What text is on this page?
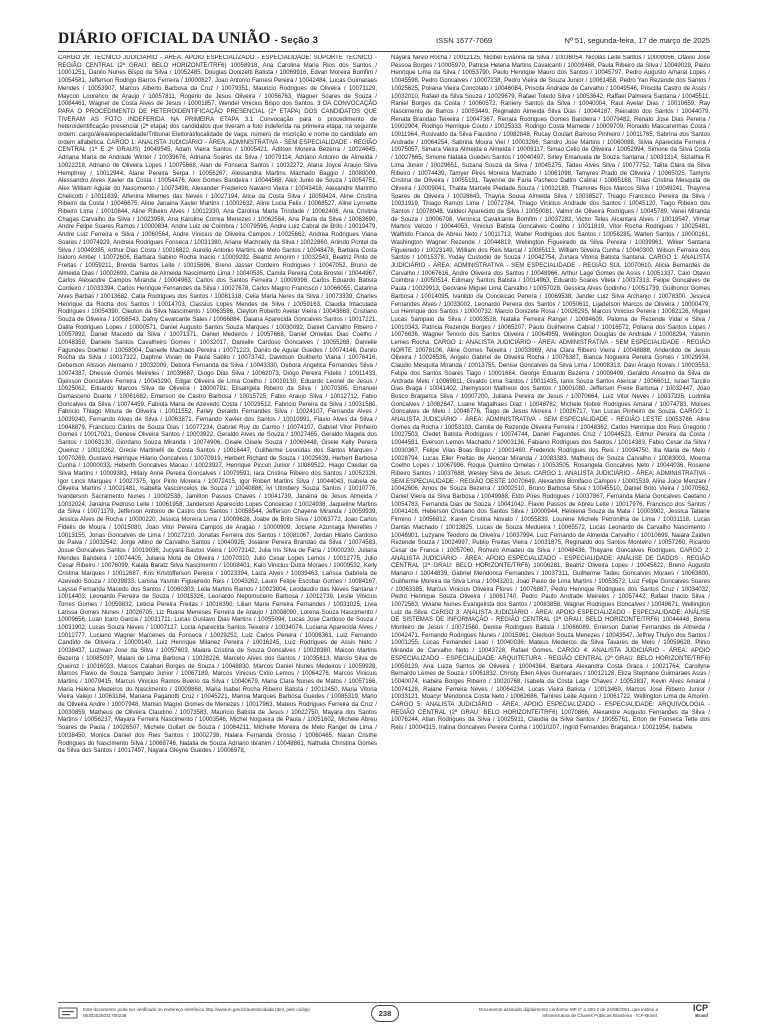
DIÁRIO OFICIAL DA UNIÃO - Seção 3	ISSN 1677-7069	Nº 51, segunda-feira, 17 de março de 2025

CARGO 28: TÉCNICO JUDICIÁRIO - ÁREA: APOIO ESPECIALIZADO - ESPECIALIDADE: SUPORTE TÉCNICO - REGIÃO CENTRAL (2ª GRAU: BELO HORIZONTE/TRF6) 10058918, Ana Carolina Maria Rios dos Santos / 10001251, Danilo Nunes Bispo da Silva / 10052485, Douglas Donizetti Batista / 10069916, Edvan Moreira Bomfim / 10054581, Jefferson Rodrigo Barros Ferreira / 10000827, Joao Antonio Farnesi Pereira / 10042484, Lucas Guimaraes Mendes / 10053907, Marcos Alberto Barbosa da Cruz / 10079351, Mauricio Rodrigues de Oliveira / 10071129, Maycon Lourenco de Araujo / 10057811, Rogerio de Jesus Oliveira / 10056763, Wagner Soares de Souza / 10084461, Wagner de Costa Alves de Jesus / 10001857, Wendel Vinicius Bispo dos Santos. 3 DA CONVOCAÇÃO PARA O PROCEDIMENTO DE HETEROIDENTIFICAÇÃO PRESENCIAL (2ª ETAPA) DOS CANDIDATOS QUE TIVERAM AS FOTO INDEFERIDA NA PRIMEIRA ETAPA 3.1 Convocação para o procedimento de heteroidentificação presencial (2ª etapa) dos candidatos que tiveram a foto indeferida na primeira etapa, na seguinte ordem: cargo/área/especialidade/Tribunal Eleitoral/localidade de vaga, número de inscrição e nome do candidato em ordem alfabética. CARGO 1: ANALISTA JUDICIÁRIO - ÁREA: ADMINISTRATIVA - SEM ESPECIALIDADE - REGIÃO CENTRAL (1ª E 2ª GRAUS) 10049545, Adam Vieira Santos / 10005421, Adilson Moreira Bezerra / 10024645, Adriana Maria de Andrade Winter / 10039676, Adriana Soares da Silva / 10079114, Adriano Antonio de Almeida / 10022219, Adriano de Oliveira Lopes / 10075668, Alan de Fonseca Santos / 10032272, Alana Joyce Araujo Silva Hemphrey / 10012944, Alane Pereira Serpa / 10056267, Alessandra Martins Machado Baggio / 10080009, Alessandro Alves Xavier da Costa / 10054476, Alex Gomes Bandeira / 10044568, Alex Junio de Souza / 10054751, Alex William Aguiar do Nascimento / 10073498, Alexander Frederico Navarro Vieira / 10043418, Alexandre Marinho Chelicotti / 10011639, Alfenina Milemes das Neves / 10027194, Alice da Costa Silva / 10059424, Aline Cristina Ribeiro da Costa / 10046675, Aline Janaina Xavier Martins / 10002632, Aline Lucia Felix / 10068527, Aline Lynnette Ribeiro Lima / 10010844, Aline Ribeiro Alves / 10012330, Ana Carolina Marta Trindade / 10062406, Ana Cristina Chagas Carvalho da Silva / 10023958, Ana Karoline Correa Menezes / 10062564, Ana Paula da Silva / 10063690, Andre Felipe Soares Ramos / 10000834, Andre Luiz de Coimbra / 10079596, Andre Luiz Cabral de Brito / 10019479, Andre Luiz Ferreira e Silva / 10060564, Andre Vinicius de Oliveira Campos / 10025662, Andrea Rodrigues Viana Soares / 10074929, Andreia Rodrigues Fonseca / 10031380, Ariane Machnelly da Silva / 10022860, Arlindo Pontel da Silva / 10049395, Arthur Dias Costa / 10016822, Aurelio Antonio Martins de Melo Santos / 10048478, Barbara Costa Isidoro Amber / 10072606, Barbara Sabino Rocha Inacio / 10009292, Beatriz Amorim / 10032543, Beatriz Pinto de Freitas / 10059211, Brenda Santos Leite / 10015696, Breno Jasser Cordeiro Rodrigues / 10047052, Bruno de Almeida Dias / 10002699, Camila de Almeida Nascimento Lima / 10040535, Camila Pereira Cota Brostel / 10044967, Carlos Alexandre Campos Miranda / 10004963, Carlos dos Santos Ferreira / 10009398, Carlos Eduardo Batista Cordeiro / 10033394, Carlos Henrique Fernandes da Silva / 10027678, Carlos Magno Francisco / 10066055, Catarina Alves Barbas / 10013682, Catia Rodrigues dos Santos / 10081318, Celia Maria Neres da Silva / 10073339, Charles Henrique da Rocha dos Santos / 10014703, Classius Lopes Mendes de Silva / 10059163, Claudia Imaculada Rodrigues / 10054390, Cleuton da Silva Nascimento / 10063586, Cleyton Roberto Avelar Vieira / 10043668, Cristiano Souza de Oliveira / 10058543, Dafny Cavalcante Sales / 10066884, Daiana Aparecida Goncalves Santos / 10017221, Dalila Rodrigues Lopes / 10000571, Daniel Augusto Santos Souza Marques / 10030092, Daniel Carvalho Ribeiro / 10057892, Daniel Macedo da Silva / 10071371, Daniel Medeiros / 10057668, Daniel Ornellas Dias Coelho / 10048359, Daniele Santos Cavalheiro Gomes / 10032017, Danielle Cardoso Goncalves / 10055268, Danielle Fagundes Doehler / 10058004, Danielle Machado Pereira / 10071223, Danilo de Aguiar Guedes / 10074146, Danilo Rocha da Silva / 10017322, Daphne Vivian de Paula Sabilo / 10073742, Davidson Guilberto Viana / 10076416, Deberson Alisson Alemanio / 10032009, Debora Fernanda da Silva / 10043330, Debora Angelica Fernandes Silva / 10074387, Dhessie Gomes Meireles / 10039687, Diogo Dias Silva / 10062073, Diogo Pereira Fidelis / 10011433, Djeisson Goncalves Ferreira / 10043290, Edgar Oliveira de Lima Coelho / 10019130, Eduardo Leonel de Jesus / 10025062, Eduardo Marcos Silva de Oliveira / 10000791, Elisangela Ribeiro da Silva / 10070305, Emanuel Damasceno Duarte / 10061682, Emerson de Castro Barbosa / 10015725, Fabio Araujo Silva / 10012712, Fabio Goncalves da Silva / 10074459, Fabiola Maria de Azevedo Costa / 10029512, Fabricio Pereira da Silva / 10031580, Fabricio Thiago Moura de Oliveira / 10011552, Farley Geraldo Fernandes Silva / 10024107, Fernanda Alves / 10039240, Fernando Alves de Silva / 10063871, Fernando Xavier dos Santos / 10010991, Flavio Alves da Silva / 10048879, Francisco Carlos de Souza Dias / 10077234, Gabriel Ruy do Carmo / 10074107, Gabriel Vitor Pinheiro Gomes / 10017021, Genese Oliveira Santos / 10003922, Geraldo Alves de Souza / 10027465, Geraldo Magela dos Santos / 10063130, Giordano Souza Miranda / 10074906, Gisele Gisele Souza / 10069448, Gisele Kelly Pereira Queiroz / 10010262, Grecie Martinelli de Costa Santos / 10016447, Guilherme Leonidas dos Santos Marques / 10070269, Gustavo Henrique Hilario Goncalves / 10070919, Herbert Richard de Souza / 10025639, Herbert Barbosa Cunha / 10000033, Heberth Goncalves Macau / 10023927, Henrique Piccoli Junior / 10069522, Hiago Cleidair da Silva Martins / 10009383, Hillary Anne Pereira Goncalves / 10079591, Iara Cristina Ribeiro dos Santos / 10052328, Igor Linck Marques / 10027375, Igor Pinto Moreira / 10072415, Igor Robert Martins Silva / 10044043, Isabela de Oliveira Martins / 10021481, Isabella Vasconcelos de Souza / 10040886, Ivi Utimbery Souza Santos / 10010776, Ivanderson Sacramento Nunes / 10002538, Jamilton Passos Chaves / 10041739, Janaina de Jesus Almeida / 10032024, Janaina Pedroso Leite / 10061958, Janderson Aparecido Lopes Conceicao / 10024938, Jaqueline Martins da Silva / 10071179, Jefferson Antonio de Castro dos Santos / 10058544, Jefferson Chayene Miranda / 10059939, Jessica Alves de Rocha / 10000220, Jessica Moreira Lima / 10009628, Joabe de Brito Silva / 10063772, Joao Carlos Fidelis de Moura / 10015080, Joao Vitor Pereira Campos de Aragao / 10000909, Jociane Azurriaga Meirelles / 10013155, Jonas Goncalves de Lima / 10027210, Jonatas Ferreira dos Santos / 10081067, Jordan Hilario Cardoso de Paiva / 10032542, Jorge Altino de Carvalho Santos / 10040925, Josiane Pereira Brandao da Silva / 10074583, Josue Goncalves Santos / 10019036, Jucyara Bastos Vieira / 10073142, Julia Iris Silva de Faria / 10000230, Juliana Mendes Bandeira / 10074405, Juliana Mota de Oliveira / 10070310, Julio Cesar Lopes Lemos / 10012775, Julio Cesar Ribeiro / 10076099, Kaiala Baratz Silva Nascimento / 10008401, Kaio Vinicius Dutra Moraes / 10009532, Kelly Cristina Marques / 10012687, Kris Kristofferson Pereira / 10023394, Laiza Alves / 10039463, Larissa Gabriela de Azevedo Souza / 10039833, Larissa Yasmin Figueiredo Reis / 10043262, Lauro Felipe Escobar Gomes / 10084167, Laysse Fernanda Macedo dos Santos / 10060303, Leila Martins Ramos / 10023004, Leodaudio das Neves Santana / 10014403, Leonardo Ferreira de Souza / 10015326, Leonardo Nepomuceno Barbosa / 10012739, Leslie Vinicius Torres Gomes / 10059832, Leticia Pereira Freitas / 10016390, Lilian Maria Ferreira Fernandes / 10031025, Livia Larissa Gomes Nunes / 10026705, Liz Ruana Meneses Ferreira de Araujo / 10008090, Lorena Souza Nascimento / 10009656, Luan Icaro Garcia / 10031711, Lucas Gustavo Dias Martins / 10055094, Lucas Jose Cardoso de Souza / 10031902, Lucas Souza Neves / 10007127, Lucia Aparecida Santos Teixeira / 10034074, Luciana Aparecida Alves / 10012777, Luciano Wagner Marcenes da Fonseca / 10029252, Luiz Carlos Pereira / 10006361, Luiz Fernando Candido de Oliveira / 10009140, Luiz Henrique Milanez Pereira / 10016245, Luiz Rodrigues de Assis Neto / 10038437, Luziwan Jose da Silva / 10057603, Maiara Cristina de Souza Goncalves / 10028380, Maicon Martins Bezerra / 10085097, Malani de Lima Barbosa / 10028226, Marcelo Alves dos Santos / 10035613, Marcio Silva de Queiroz / 10016033, Marcos Calabari Borges de Souza / 10048830, Marcos Daniel Nunes Medeiros / 10059928, Marcos Flavio de Souza Sampaio Junior / 10067189, Marcos Vinicius Cirilo Lemos / 10064276, Marcos Vinicius Martins / 10079415, Marcus Vinicius Ramos Bueno da Silva / 10040679, Maria Clara Nunes de Matos / 10057166, Maria Helena Medeiros do Nascimento / 10009868, Maria Isabel Rocha Ribeiro Batista / 10012450, Maria Vitoria Vieira Valejo / 10063184, Mariana Paganotti Cruz / 10045221, Marina Marques Barbosa Guedes / 10085319, Mario de Oliveira Andre / 10007948, Marisio Magno Gomes de Menezes / 10017963, Mateus Rodrigues Ferreira da Cruz / 10030859, Matheus de Oliveira Claudino / 10073583, Mauricio Batista de Jesus / 10022750, Mayara dos Santos Martins / 10056237, Mayara Ferreira Nascimento / 10003546, Michel Nogueira de Paula / 10051602, Michele Abreu Soares de Paula / 10026507, Michele Gullart de Souza / 10064211, Michelle Moreira de Melo Rangel de Lima / 10038450, Monica Daniel dos Reis Santos / 10002738, Naiara Fernanda Grosso / 10060465, Naran Cristhe Rodrigues do Nascimento Silva / 10068746, Natalia de Souza Adriano Ibrahim / 10048861, Nathalia Christina Gomes da Silva dos Santos / 10017497, Nayara Gleyne Guedes / 10006978,

Nayara Nesio Rocha / 10012125, Nicibel Evianna da Silva / 10036054, Nicolas Leite Santos / 10000056, Otavio Jose Pessoa Borges / 10005970, Patricia Helena Martins Cavalcanti / 10009468, Paula Ribeiro da Silva / 10049029, Paulo Henrique Lima da Silva / 10053790, Paulo Henrique Mauro dos Santos / 10045797, Pedro Augusto Amaral Lopes / 10045598, Pedro Goncalves / 10007238, Pedro Vieira de Souza Junior / 10061458, Pedro Yan Rezende dos Santos / 10025625, Poliana Vieira Concolato / 10046084, Priscila Andrade de Carvalho / 10049546, Priscilla Castro de Assis / 10032010, Rafael da Silva Souza / 10029679, Rafael Toledo Silva / 10053642, Raffael Palmeira Santana / 10045511, Raniel Borges da Costa / 10060572, Raniery Santos da Silva / 10040004, Raul Avelar Dias / 10010659, Ray Nascimento de Barros / 10053449, Reginaldo Almeida Silva Dias / 10044187, Reinaldo dos Santos / 10044079, Renata Brandao Teixeira / 10047367, Renata Rodrigues Gomes Bandeira / 10079482, Renato Jose Dias Pereira / 10002904, Rodrigo Henrique Couto / 10025333, Rodrigo Costa Mamede / 10009709, Ronaldo Mascarenhas Costa / 10011964, Rosivaldo da Silva Faustino / 10082848, Rucay Goulart Barroso Pinheiro / 10011765, Sabrina dos Santos Andrade / 10064254, Sabrina Moura Viel / 10003266, Sandro Jose Martins / 10060088, Silvia Aparecida Ferreira / 10075057, Simara Vieira Almeida e Almeida / 10009117, Simao Celio de Oliveira / 10052994, Simone da Silva Costa / 10027665, Simone Natalia Guedes Santos / 10040497, Sirley Emanuela de Souza Santana / 10031314, Siziathia R Lima Junior / 10029651, Suzana Souza da Silva / 10045275, Tadeu Alves Silva / 10077752, Talita Clara da Silva Ribeiro / 10074439, Tamyer Pires Moreira Machado / 10061098, Tamyres Prado de Oliveira / 10065025, Tamyris Cristina de Oliveira / 10055191, Tayenne de Faria Pacheco Daltro Cabral / 10065168, Thais Cristina Mesquita de Oliveira / 10009041, Thalita Marcele Piedade Souza / 10032189, Thamires Rios Marcos Silva / 10049241, Thaynna Soares de Oliveira / 10028843, Thayna Sousa Almeida Silva / 10038527, Thiago Francisco Pereira da Silva / 10031919, Thiago Ramos Lima / 10072784, Thiago Vinicius Andrade dos Santos / 10045120, Tiago Ribeiro dos Santos / 10078048, Valdeci Aparecido da Silva / 10050081, Valmir de Oliveira Rodrigues / 10045789, Vanei Miranda de Souza / 10006708, Veronica Cavalcante Bomfim / 10037282, Victor Teles Alcantara Alves / 10019547, Vilmar Martins Velozo / 10044053, Vinicius Batista Goncalves Coelho / 10011819, Vitor Rocha Rodrigues / 10025481, Walfrido Franca de Abreu Neto / 10011713, Walter Rodrigues dos Santos / 10058285, Warlen Santos / 10000161, Washington Wagner Rezende / 10044819, Wellington Figueiredo da Silva Pereira / 10039961, Wilker Santana Figueiredo / 10023149, William dos Reis Marcal / 10085113, William Silveira Cunha / 10040300, Wilson Ferreira dos Santos / 10015378, Yoday Custodio de Souza / 10042754, Zunara Vitoria Batista Santana. CARGO 1: ANALISTA JUDICIÁRIO - ÁREA: ADMINISTRATIVA - SEM ESPECIALIDADE - REGIÃO SUL 10070610, Alicia Bernardes de Carvalho / 10067616, Andre Oliveira dos Santos / 10048966, Arthur Lage Gomes de Assis / 10051337, Caio Otavio Coimbra / 10050514, Edimary Santos Batista / 10014963, Eduardo Soares Vilela / 10037313, Felipe Goncalves de Paula / 10029913, Geovane Miguel Lima Carvalho / 10057028, Gessica Alves Godinho / 10051739, Guilhonor Gomes Barbosa / 10014095, Ivanildo da Conceicao Pereira / 10069538, Jander Luiz Silva Archanjo / 10078300, Jessica Fernandes Alves / 10033002, Leonardo Pereira dos Santos / 10050611, Lijadetson Marcos de Oliveira / 10000479, Lui Henrique dos Santos / 10000732, Marcio Donizete Rosa / 10026295, Marcos Vinicius Pereira / 10082126, Miguel Lucas Sampaio da Silva / 10003528, Natalia Ferreira Rangel / 10084609, Paloma de Rezende Vidal e Silva / 10010343, Patricia Rezende Borges / 10065207, Paulo Guilherme Cabral / 10016572, Poliana dos Santos Lopes / 10076636, Wagner Tenorio dos Santos Oliveira / 10064959, Wellington Douglas de Andrade / 10008294, Yasmin Lemes Rocha. CARGO 1: ANALISTA JUDICIÁRIO - ÁREA: ADMINISTRATIVA - SEM ESPECIALIDADE - REGIÃO NORTE 10078106, Aline Gomes Teixeira / 10033969, Ana Clara Ribeiro Vieira / 10048888, Andenildo de Jesus Oliveira / 10026536, Angelo Gabriel de Oliveira Rocha / 10076387, Bianca Nogueira Pereira Gomes / 10029934, Claudio Mesquita Miranda / 10013755, Denise Goncalves da Silva Lima / 10008313, Davi Araujo Novais / 10003553, Felipe dos Santos Soares Tiago / 10001664, George Eduardo Bezerra / 10009409, Geraldo Anselmo da Silva de Andrade Melo / 10069811, Givaldo Lima Santos / 10011435, Ianis Souza Santos Alencar / 10066011, Israel Tarcilio Dias Braga / 10041402, Jhemysson Matheus dos Santos / 10001080, Jefferson Freire Barbosa / 10032447, Joao Bosco Braganca Silva / 10007200, Juliana Pereira de Jesus / 10070664, Luiz Vitor Neves / 10037335, Ludmila Goncalves / 10082647, Luane Magalhaes Diaz / 10048762, Michele Nobre Rodrigues Amaral / 10074783, Moises Goncalves de Melo / 10048776, Tiago de Jesus Moreira / 10026717, Yan Lucas Pinheiro de Souza. CARGO 1: ANALISTA JUDICIÁRIO - ÁREA: ADMINISTRATIVA - SEM ESPECIALIDADE - REGIÃO LESTE 10053786, Aline Gomes da Rocha / 10053103, Camila de Rezende Oliveira Ferreira / 10048362, Carlos Henrique dos Reis Gregorio / 10027503, Cledet Batista Rodrigues / 10074744, Daniel Fagundes Cruz / 10044523, Edmur Pereira da Costa / 10044581, Everson Lemos Machado / 10003136, Fabiano Rodrigues dos Santos / 10014383, Fabio Cesar da Silva / 10030367, Felipe Vilas Boas Bispo / 10001460, Frederick Rodrigues dos Reis / 10034750, Ilia Maria de Melo / 10028794, Lucas Eller Freitas de Alencar Miranda / 10083383, Matheus de Souza Carvalho / 10083003, Moema Coelho Lopes / 10067996, Roque Quintino Ornelas / 10053505, Rosangela Goncalves Neto / 10044036, Rosiene Ribeiro Santos / 10037688, Wesley Silva de Jesus. CARGO 1: ANALISTA JUDICIÁRIO - ÁREA: ADMINISTRATIVA - SEM ESPECIALIDADE - REGIÃO OESTE 10070649, Alexandre Bonifacio Campos / 10001539, Aline Joice Menzani / 10042606, Amos de Souza Bezerra / 10002510, Bruno Barbosa Silva / 10045510, Daniel Brito Vieira / 10070562, Daniel Vieira da Silva Barbosa / 10049988, Eldo Pires Rodrigues / 10037867, Fernanda Maria Goncalves Caetano / 10054783, Fernanda Dias de Souza / 10041042, Flavio Passos de Abreu Leite / 10017976, Francisco dos Santos / 10041416, Heberson Cristiano dos Santos Silva / 10000944, Heloiena Souza da Mata / 10003902, Jessica Tatiane Firmino / 10056812, Karen Cristina Novato / 10055839, Lourene Michele Petronilha de Lima / 10031118, Lucas Dantas Machado / 10013825, Lucas de Souza Medueira / 10065572, Lucas Leonardo de Carvalho Nascimento / 10046901, Luzyane Teodoro de Oliveira / 10037994, Luiz Fernando de Almeida Carvalho / 10010699, Naiara Zaiden Rezende Souza / 10024997, Publio Freitas Vieira / 10031875, Reginaldo dos Santos Monteiro / 10057260, Ricardo Cesar de Franca / 10057060, Romulo Amadeu da Silva / 10048436, Thayane Goncalves Rodrigues. CARGO 2: ANALISTA JUDICIÁRIO - ÁREA: APOIO ESPECIALIZADO - ESPECIALIDADE: ANÁLISE DE DADOS - REGIÃO CENTRAL (2ª GRAU: BELO HORIZONTE/TRF6) 10006281, Beatriz Oliveira Lopes / 10045622, Breno Augusto Mariano / 10044839, Gabriel Mendonca Fernandes / 10037311, Guilherme Tadeu Goncalves Moraes / 10063800, Guilherme Moreira da Silva Lima / 10043201, Joao Paulo de Lima Martins / 10053572, Luiz Felipe Goncalves Soares / 10063385, Marcus Vinicius Oliveira Flores / 10076887, Pedro Henrique Rodrigues dos Santos Cruz / 10034032, Pedro Henrique Souza Oliveira / 10061740, Pedro Paulo Andrade Meireles / 10057442, Rafael Inacio Silva / 10072563, Viviane Nunes Evangelista dos Santos / 10083858, Wagner Rodrigues Goncalves / 10049671, Wellington Luiz da Silva. CARGO 3: ANALISTA JUDICIÁRIO - ÁREA: APOIO ESPECIALIZADO - ESPECIALIDADE: ANÁLISE DE SISTEMAS DE INFORMAÇÃO - REGIÃO CENTRAL (2ª GRAU: BELO HORIZONTE/TRF6) 10044448, Brena Monteiro de Jesus / 10071560, Denise Rodrigues Batista / 10066089, Emerson Daniel Fernandes de Almeida / 10042471, Fernando Rodrigues Nunes / 10015961, Gledson Souza Menezes / 10043547, Jeffrey Thulyo dos Santos / 10001255, Lucas Fernandes Leao / 10040036, Mateus Medeiros da Silva Tavares de Melo / 10059628, Plinio Miranda de Carvalho Neto / 10043728, Rafael Gomes. CARGO 4: ANALISTA JUDICIÁRIO - ÁREA: APOIO ESPECIALIZADO - ESPECIALIDADE: ARQUITETURA - REGIÃO CENTRAL (2ª GRAU: BELO HORIZONTE/TRF6) 10059129, Ana Luiza Santos de Oliveira / 10004364, Barbara Alexandra Costa Graca / 10021764, Carollyne Bernardo Lemes de Souza / 10061832, Christy Ellen Alves Guimaraes / 10012128, Eliza Stephane Guimaraes Assis / 10040074, Isabela Borges Ribeiro / 10020768, Isabela da Costa Lage Chaves / 10052837, Kevin Alves Amaral / 10074128, Raiane Ferreira Neves / 10064234, Lucas Vieira Batista / 10013469, Marcos Jose Ribeiro Junior / 10033121, Moacyr Mendonca Costa Neto / 10062686, Tamires Leite Aquino / 10061722, Wellington Lima de Amorim. CARGO 5: ANALISTA JUDICIÁRIO - ÁREA: APOIO ESPECIALIZADO - ESPECIALIDADE: ARQUIVOLOGIA - REGIÃO CENTRAL (2ª GRAU: BELO HORIZONTE/TRF6) 10070866, Alexandre Augusto Fernandes da Silva / 10076244, Allan Rodrigues da Silva / 10025911, Claudia da Silva Santos / 10055761, Erton de Fonseca Tette dos Reis / 10004315, Iralina Goncalves Pereira Cunha / 10010207, Ingrid Fernandes Braganca / 10021954, Isabela

Este documento pode ser verificado no endereço eletrônico http://www.in.gov.br/autenticidade.html, pelo código 05302025031700238	238	Documento assinado digitalmente conforme MP nº 2.200-2 de 24/08/2001, que institui a Infraestrutura de Chaves Públicas Brasileira - ICP-Brasil.
ICP
Brasil
